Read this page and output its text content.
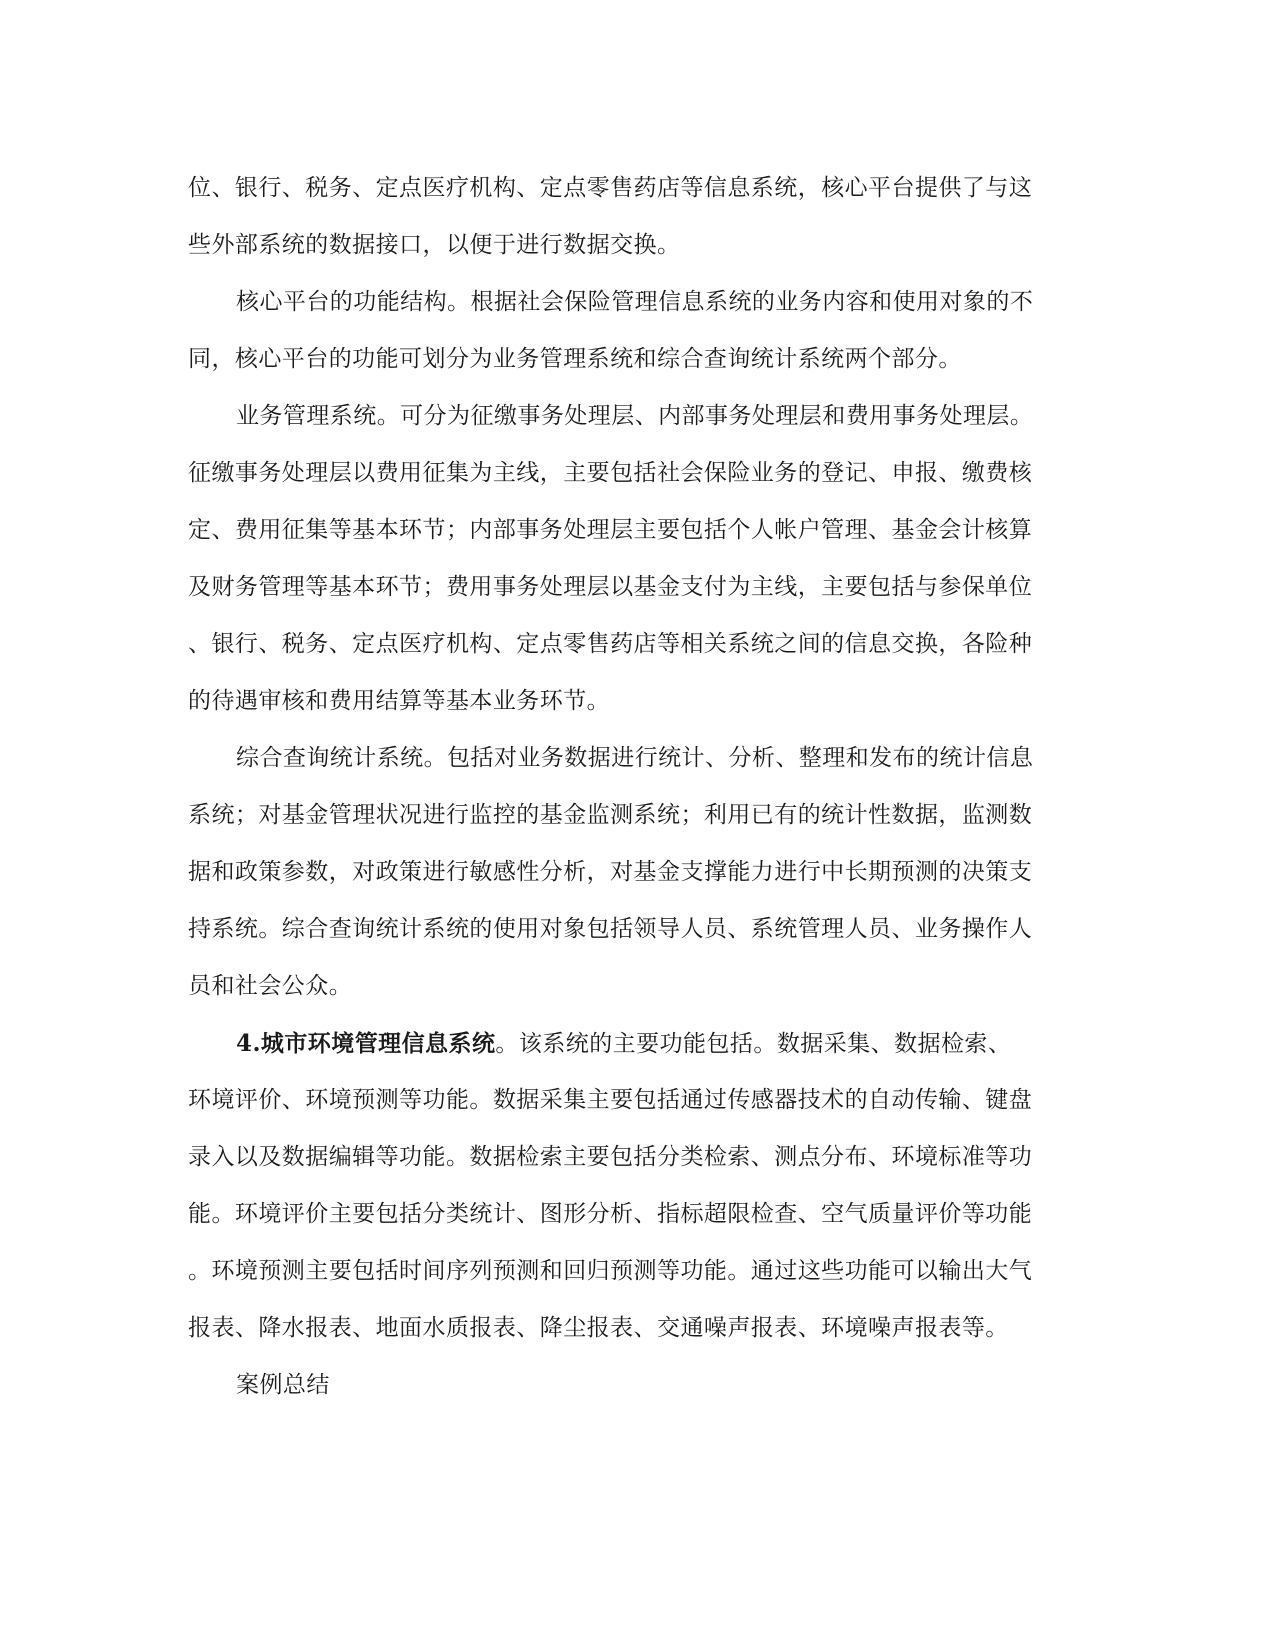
位、银行、税务、定点医疗机构、定点零售药店等信息系统，核心平台提供了与这
些外部系统的数据接口，以便于进行数据交换。
核心平台的功能结构。根据社会保险管理信息系统的业务内容和使用对象的不
同，核心平台的功能可划分为业务管理系统和综合查询统计系统两个部分。
业务管理系统。可分为征缴事务处理层、内部事务处理层和费用事务处理层。
征缴事务处理层以费用征集为主线，主要包括社会保险业务的登记、申报、缴费核
定、费用征集等基本环节；内部事务处理层主要包括个人帐户管理、基金会计核算
及财务管理等基本环节；费用事务处理层以基金支付为主线，主要包括与参保单位
、银行、税务、定点医疗机构、定点零售药店等相关系统之间的信息交换，各险种
的待遇审核和费用结算等基本业务环节。
综合查询统计系统。包括对业务数据进行统计、分析、整理和发布的统计信息
系统；对基金管理状况进行监控的基金监测系统；利用已有的统计性数据，监测数
据和政策参数，对政策进行敏感性分析，对基金支撑能力进行中长期预测的决策支
持系统。综合查询统计系统的使用对象包括领导人员、系统管理人员、业务操作人
员和社会公众。
4.城市环境管理信息系统。该系统的主要功能包括。数据采集、数据检索、
环境评价、环境预测等功能。数据采集主要包括通过传感器技术的自动传输、键盘
录入以及数据编辑等功能。数据检索主要包括分类检索、测点分布、环境标准等功
能。环境评价主要包括分类统计、图形分析、指标超限检查、空气质量评价等功能
。环境预测主要包括时间序列预测和回归预测等功能。通过这些功能可以输出大气
报表、降水报表、地面水质报表、降尘报表、交通噪声报表、环境噪声报表等。
案例总结
